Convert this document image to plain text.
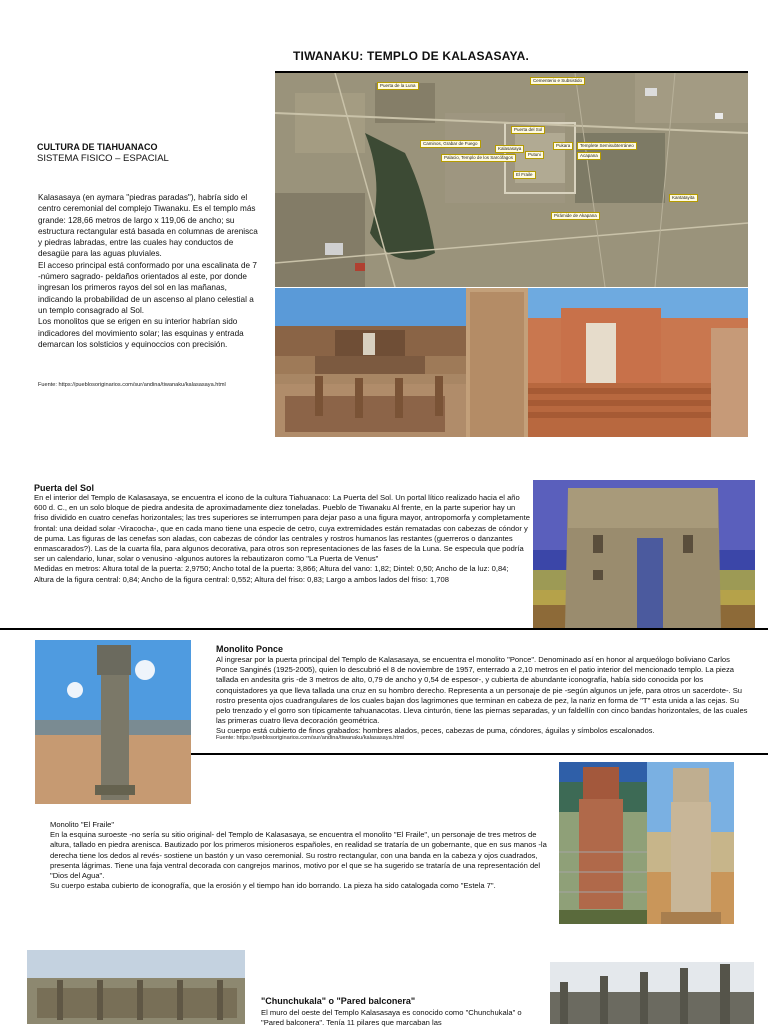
TIWANAKU: TEMPLO DE KALASASAYA.
Cementerio e Subsistido
Puerta de la Luna
Puerta del Sol
Caminos, Grabar de Fuego
Kalasasaya
Pukara
Palacio, Templo de los Sarcófagos
Putuni
Templete Semisubterráneo
Acapana
El Fraile
Pirámide de Akapana
Kantatayita
CULTURA DE TIAHUANACO
SISTEMA FISICO – ESPACIAL

Kalasasaya (en aymara "piedras paradas"), habría sido el centro ceremonial del complejo Tiwanaku. Es el templo más grande: 128,66 metros de largo x 119,06 de ancho; su estructura rectangular está basada en columnas de arenisca y piedras labradas, entre las cuales hay conductos de desagüe para las aguas pluviales.

El acceso principal está conformado por una escalinata de 7 -número sagrado- peldaños orientados al este, por donde ingresan los primeros rayos del sol en las mañanas, indicando la probabilidad de un ascenso al plano celestial a un templo consagrado al Sol.

Los monolitos que se erigen en su interior habrían sido indicadores del movimiento solar; las esquinas y entrada demarcan los solsticios y equinoccios con precisión.

Fuente: https://pueblosoriginarios.com/sur/andina/tiwanaku/kalasasaya.html
Puerta del Sol

En el interior del Templo de Kalasasaya, se encuentra el icono de la cultura Tiahuanaco: La Puerta del Sol. Un portal lítico realizado hacia el año 600 d. C., en un solo bloque de piedra andesita de aproximadamente diez toneladas. Pueblo de Tiwanaku Al frente, en la parte superior hay un friso dividido en cuatro cenefas horizontales; las tres superiores se interrumpen para dejar paso a una figura mayor, antropomorfa y completamente frontal: una deidad solar -Viracocha-, que en cada mano tiene una especie de cetro, cuya extremidades están rematadas con cabezas de cóndor y de puma. Las figuras de las cenefas son aladas, con cabezas de cóndor las centrales y rostros humanos las restantes (guerreros o danzantes enmascarados?). Las de la cuarta fila, para algunos decorativa, para otros son representaciones de las fases de la Luna. Se especula que podría ser un calendario, lunar, solar o venusino -algunos autores la rebautizaron como "La Puerta de Venus"

Medidas en metros: Altura total de la puerta: 2,9750; Ancho total de la puerta: 3,866; Altura del vano: 1,82; Dintel: 0,50; Ancho de la luz: 0,84; Altura de la figura central: 0,84; Ancho de la figura central: 0,552; Altura del friso: 0,83; Largo a ambos lados del friso: 1,708

Monolito Ponce

Al ingresar por la puerta principal del Templo de Kalasasaya, se encuentra el monolito "Ponce". Denominado así en honor al arqueólogo boliviano Carlos Ponce Sanginés (1925-2005), quien lo descubrió el 8 de noviembre de 1957, enterrado a 2,10 metros en el patio interior del mencionado templo. La pieza tallada en andesita gris -de 3 metros de alto, 0,79 de ancho y 0,54 de espesor-, y cubierta de abundante iconografía, había sido conocida por los conquistadores ya que lleva tallada una cruz en su hombro derecho. Representa a un personaje de pie -según algunos un jefe, para otros un sacerdote-. Su rostro presenta ojos cuadrangulares de los cuales bajan dos lagrimones que terminan en cabeza de pez, la nariz en forma de "T" esta unida a las cejas. Su pelo trenzado y el gorro son típicamente tahuanacotas. Lleva cinturón, tiene las piernas separadas, y un faldellín con cinco bandas horizontales, de las cuales las primeras cuatro lleva decoración geométrica.

Su cuerpo está cubierto de finos grabados: hombres alados, peces, cabezas de puma, cóndores, águilas y símbolos escalonados.

Fuente: https://pueblosoriginarios.com/sur/andina/tiwanaku/kalasasaya.html

Monolito "El Fraile"

En la esquina suroeste -no sería su sitio original- del Templo de Kalasasaya, se encuentra el monolito "El Fraile", un personaje de tres metros de altura, tallado en piedra arenisca. Bautizado por los primeros misioneros españoles, en realidad se trataría de un gobernante, que en sus manos -la derecha tiene los dedos al revés- sostiene un bastón y un vaso ceremonial. Su rostro rectangular, con una banda en la cabeza y ojos cuadrados, presenta lágrimas. Tiene una faja ventral decorada con cangrejos marinos, motivo por el que se ha sugerido se trataría de una representación del "Dios del Agua".

Su cuerpo estaba cubierto de iconografía, que la erosión y el tiempo han ido borrando. La pieza ha sido catalogada como "Estela 7".

"Chunchukala" o "Pared balconera"
El muro del oeste del Templo Kalasasaya es conocido como "Chunchukala" o "Pared balconera". Tenía 11 pilares que marcaban las
